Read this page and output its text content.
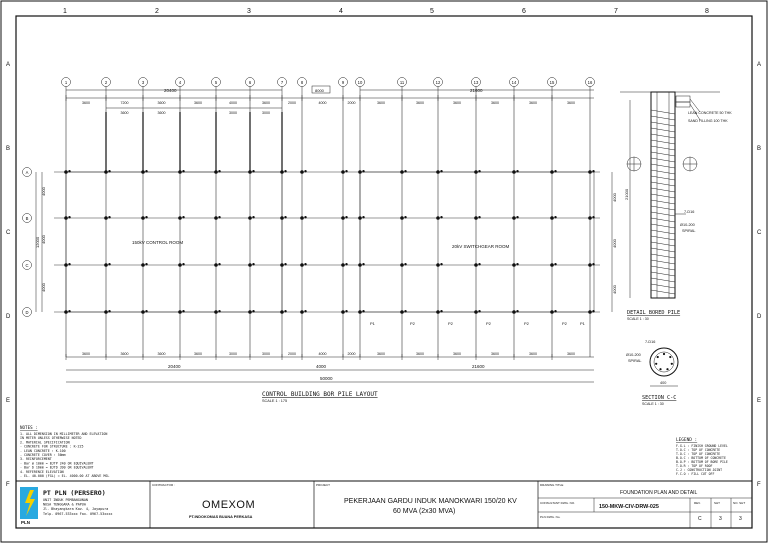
1	2	3	4	5	6	7	8
A
B
C
D
E
F
A
B
C
D
E
F
1	2	3	4	5	6	7	8	9	10	11	12	13	14	15	16
20400	21600
8000
3600	7200	3600	3600	4000	3600	2000	4000	2000	3600	3600	3600	3600	3600	3600
3600	3600	3000	3000
A
B
C
D
4000
4000
4000
12000
4000
4000
4000
150kV CONTROL ROOM
20kV SWITCHGEAR ROOM
P1	P2	P2	P2	P2	P2	P1
3600	3600	3600	3600	3000	3000	2000	4000	2000	3600	3600	3600	3600	3600	3600
20400	4000	21600
50000
CONTROL BUILDING BOR PILE LAYOUT
SCALE 1 : 175
LEAN CONCRETE 50 THK
SAND FILLING 100 THK
21000
7-D16
Ø10-200
SPIRAL
DETAIL BORED PILE
SCALE 1 : 30
7-D16
Ø10-200
SPIRAL
400
SECTION C-C
SCALE 1 : 30
NOTES :
1. ALL DIMENSION IN MILLIMETER AND ELEVATION
IN METER UNLESS OTHERWISE NOTED
2. MATERIAL SPECIFICATION
- CONCRETE FOR STRUCTURE : K-225
- LEAN CONCRETE : K-100
- CONCRETE COVER : 50mm
3. REINFORCEMENT
- Bar ø 10mm = BJTP 240 OR EQUIVALENT
- Bar D 16mm = BJTD 390 OR EQUIVALENT
4. REFERENCE ELEVATION
- EL. 40.000 (FGL) = EL. 4000.00 AT ABOVE MSL
LEGEND :
F.G.L : FINISH GROUND LEVEL
T.O.C : TOP OF CONCRETE
T.O.C : TOP OF CONCRETE
B.O.C : BOTTOM OF CONCRETE
B.O.P : BOTTOM OF BORE PILE
T.O.R : TOP OF ROOF
C.J : CONSTRUCTION JOINT
F.C.O : FILL CUT OFF
PLN
PT PLN (PERSERO)
UNIT INDUK PEMBANGUNAN
NUSA TENGGARA & PAPUA
Jl. Bhayangkara Kav. 4, Jayapura
Telp. 0967-533xxx Fax. 0967-53xxxx
CONTRACTOR :
OMEXOM
PT.INDOKOMAS BUANA PERKASA
PROJECT
PEKERJAAN GARDU INDUK MANOKWARI 150/20 KV
60 MVA (2x30 MVA)
DRAWING TITLE
FOUNDATION PLAN AND DETAIL
CONSULTANT DWG. NO.
150-MKW-CIV-DRW-025
PLN DWG. No.
REV.	SHT	NO. SHT
C	3	3
